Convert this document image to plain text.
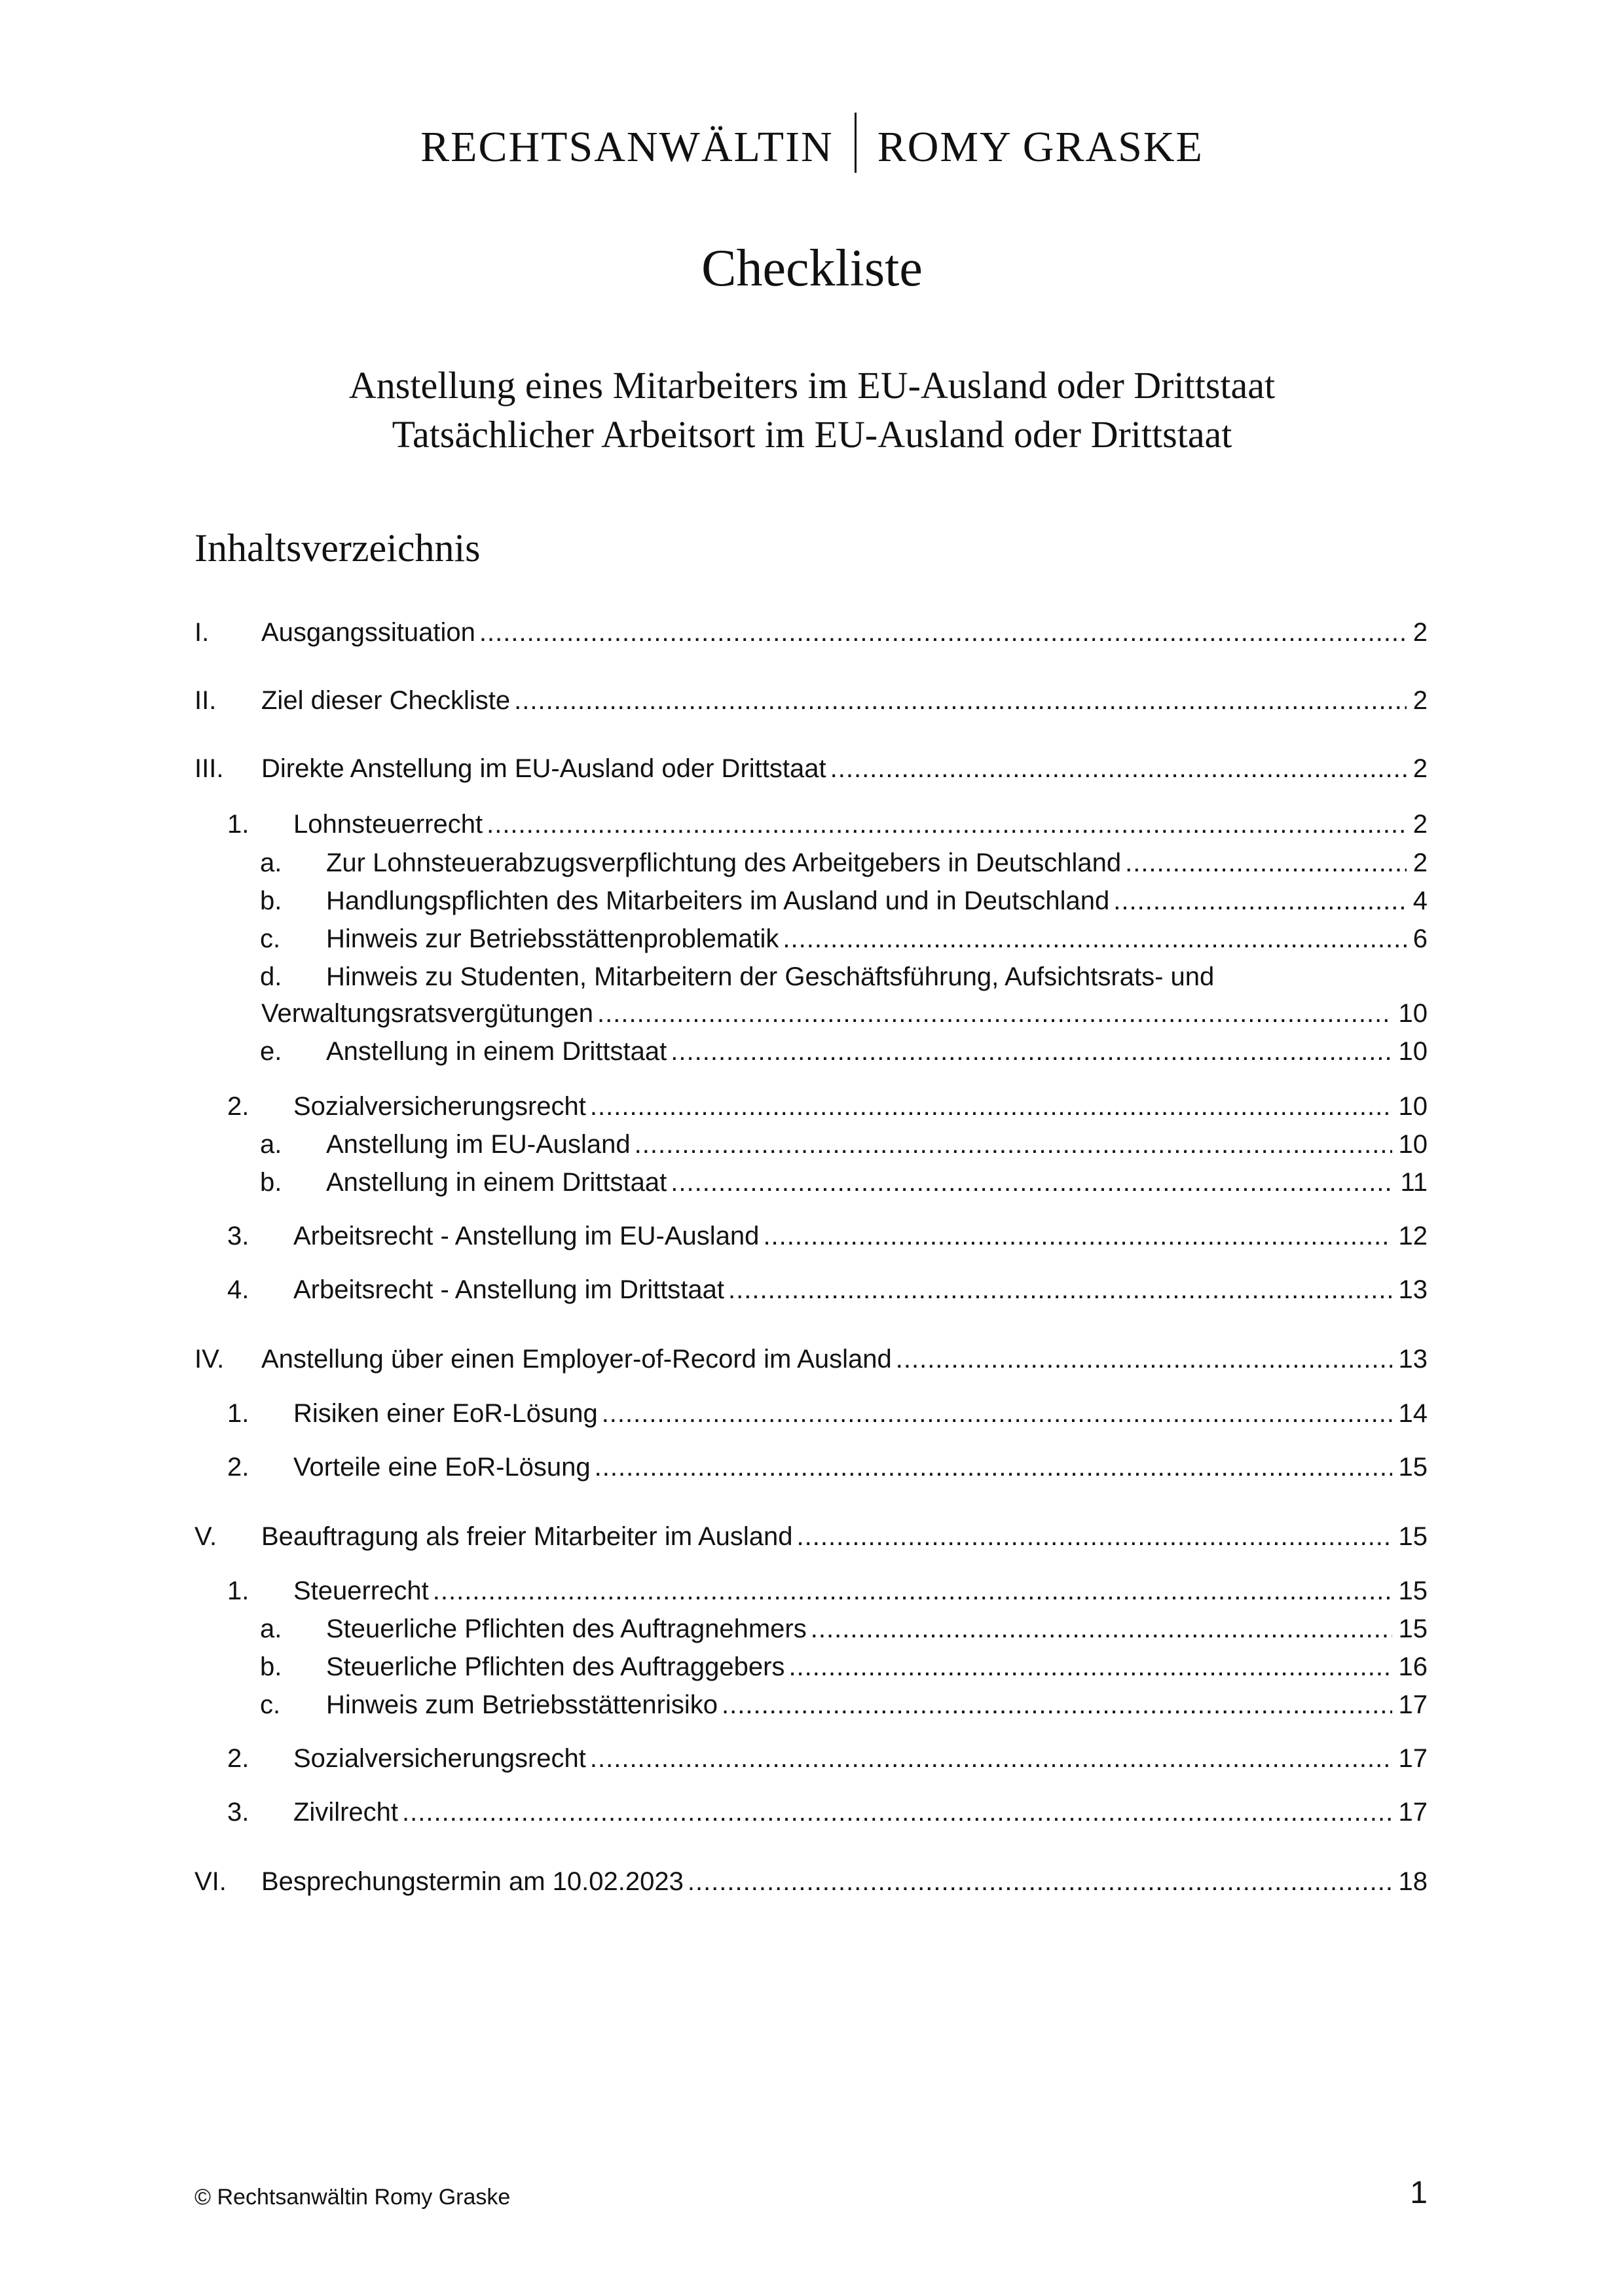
RECHTSANWÄLTIN ROMY GRASKE
Checkliste
Anstellung eines Mitarbeiters im EU-Ausland oder Drittstaat
Tatsächlicher Arbeitsort im EU-Ausland oder Drittstaat
Inhaltsverzeichnis
I. Ausgangssituation .....	2
II. Ziel dieser Checkliste .....	2
III. Direkte Anstellung im EU-Ausland oder Drittstaat .....	2
1. Lohnsteuerrecht .....	2
a. Zur Lohnsteuerabzugsverpflichtung des Arbeitgebers in Deutschland .....	2
b. Handlungspflichten des Mitarbeiters im Ausland und in Deutschland .....	4
c. Hinweis zur Betriebsstättenproblematik .....	6
d. Hinweis zu Studenten, Mitarbeitern der Geschäftsführung, Aufsichtsrats- und
Verwaltungsratsvergütungen .....	10
e. Anstellung in einem Drittstaat .....	10
2. Sozialversicherungsrecht .....	10
a. Anstellung im EU-Ausland .....	10
b. Anstellung in einem Drittstaat .....	11
3. Arbeitsrecht - Anstellung im EU-Ausland .....	12
4. Arbeitsrecht - Anstellung im Drittstaat .....	13
IV. Anstellung über einen Employer-of-Record im Ausland .....	13
1. Risiken einer EoR-Lösung .....	14
2. Vorteile eine EoR-Lösung .....	15
V. Beauftragung als freier Mitarbeiter im Ausland .....	15
1. Steuerrecht .....	15
a. Steuerliche Pflichten des Auftragnehmers .....	15
b. Steuerliche Pflichten des Auftraggebers .....	16
c. Hinweis zum Betriebsstättenrisiko .....	17
2. Sozialversicherungsrecht .....	17
3. Zivilrecht .....	17
VI. Besprechungstermin am 10.02.2023 .....	18
© Rechtsanwältin Romy Graske	1
